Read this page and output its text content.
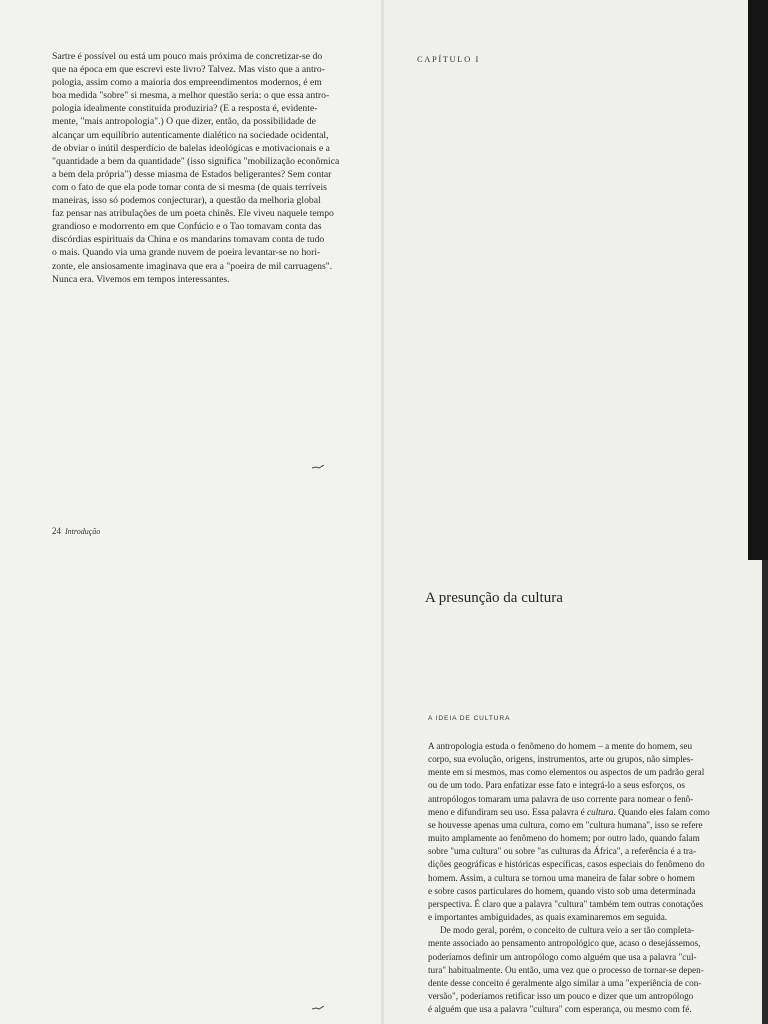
Sartre é possível ou está um pouco mais próxima de concretizar-se do
que na época em que escrevi este livro? Talvez. Mas visto que a antro-
pologia, assim como a maioria dos empreendimentos modernos, é em
boa medida "sobre" si mesma, a melhor questão seria: o que essa antro-
pologia idealmente constituída produziria? (E a resposta é, evidente-
mente, "mais antropologia".) O que dizer, então, da possibilidade de
alcançar um equilíbrio autenticamente dialético na sociedade ocidental,
de obviar o inútil desperdício de balelas ideológicas e motivacionais e a
"quantidade a bem da quantidade" (isso significa "mobilização econômica
a bem dela própria") desse miasma de Estados beligerantes? Sem contar
com o fato de que ela pode tomar conta de si mesma (de quais terríveis
maneiras, isso só podemos conjecturar), a questão da melhoria global
faz pensar nas atribulações de um poeta chinês. Ele viveu naquele tempo
grandioso e modorrento em que Confúcio e o Tao tomavam conta das
discórdias espirituais da China e os mandarins tomavam conta de tudo
o mais. Quando via uma grande nuvem de poeira levantar-se no hori-
zonte, ele ansiosamente imaginava que era a "poeira de mil carruagens".
Nunca era. Vivemos em tempos interessantes.
24 Introdução
CAPÍTULO I
A presunção da cultura
A IDEIA DE CULTURA
A antropologia estuda o fenômeno do homem – a mente do homem, seu
corpo, sua evolução, origens, instrumentos, arte ou grupos, não simples-
mente em si mesmos, mas como elementos ou aspectos de um padrão geral
ou de um todo. Para enfatizar esse fato e integrá-lo a seus esforços, os
antropólogos tomaram uma palavra de uso corrente para nomear o fenô-
meno e difundiram seu uso. Essa palavra é cultura. Quando eles falam como
se houvesse apenas uma cultura, como em "cultura humana", isso se refere
muito amplamente ao fenômeno do homem; por outro lado, quando falam
sobre "uma cultura" ou sobre "as culturas da África", a referência é a tra-
dições geográficas e históricas específicas, casos especiais do fenômeno do
homem. Assim, a cultura se tornou uma maneira de falar sobre o homem
e sobre casos particulares do homem, quando visto sob uma determinada
perspectiva. É claro que a palavra "cultura" também tem outras conotações
e importantes ambiguidades, as quais examinaremos em seguida.
De modo geral, porém, o conceito de cultura veio a ser tão completa-
mente associado ao pensamento antropológico que, acaso o desejássemos,
poderíamos definir um antropólogo como alguém que usa a palavra "cul-
tura" habitualmente. Ou então, uma vez que o processo de tornar-se depen-
dente desse conceito é geralmente algo similar a uma "experiência de con-
versão", poderíamos retificar isso um pouco e dizer que um antropólogo
é alguém que usa a palavra "cultura" com esperança, ou mesmo com fé.
